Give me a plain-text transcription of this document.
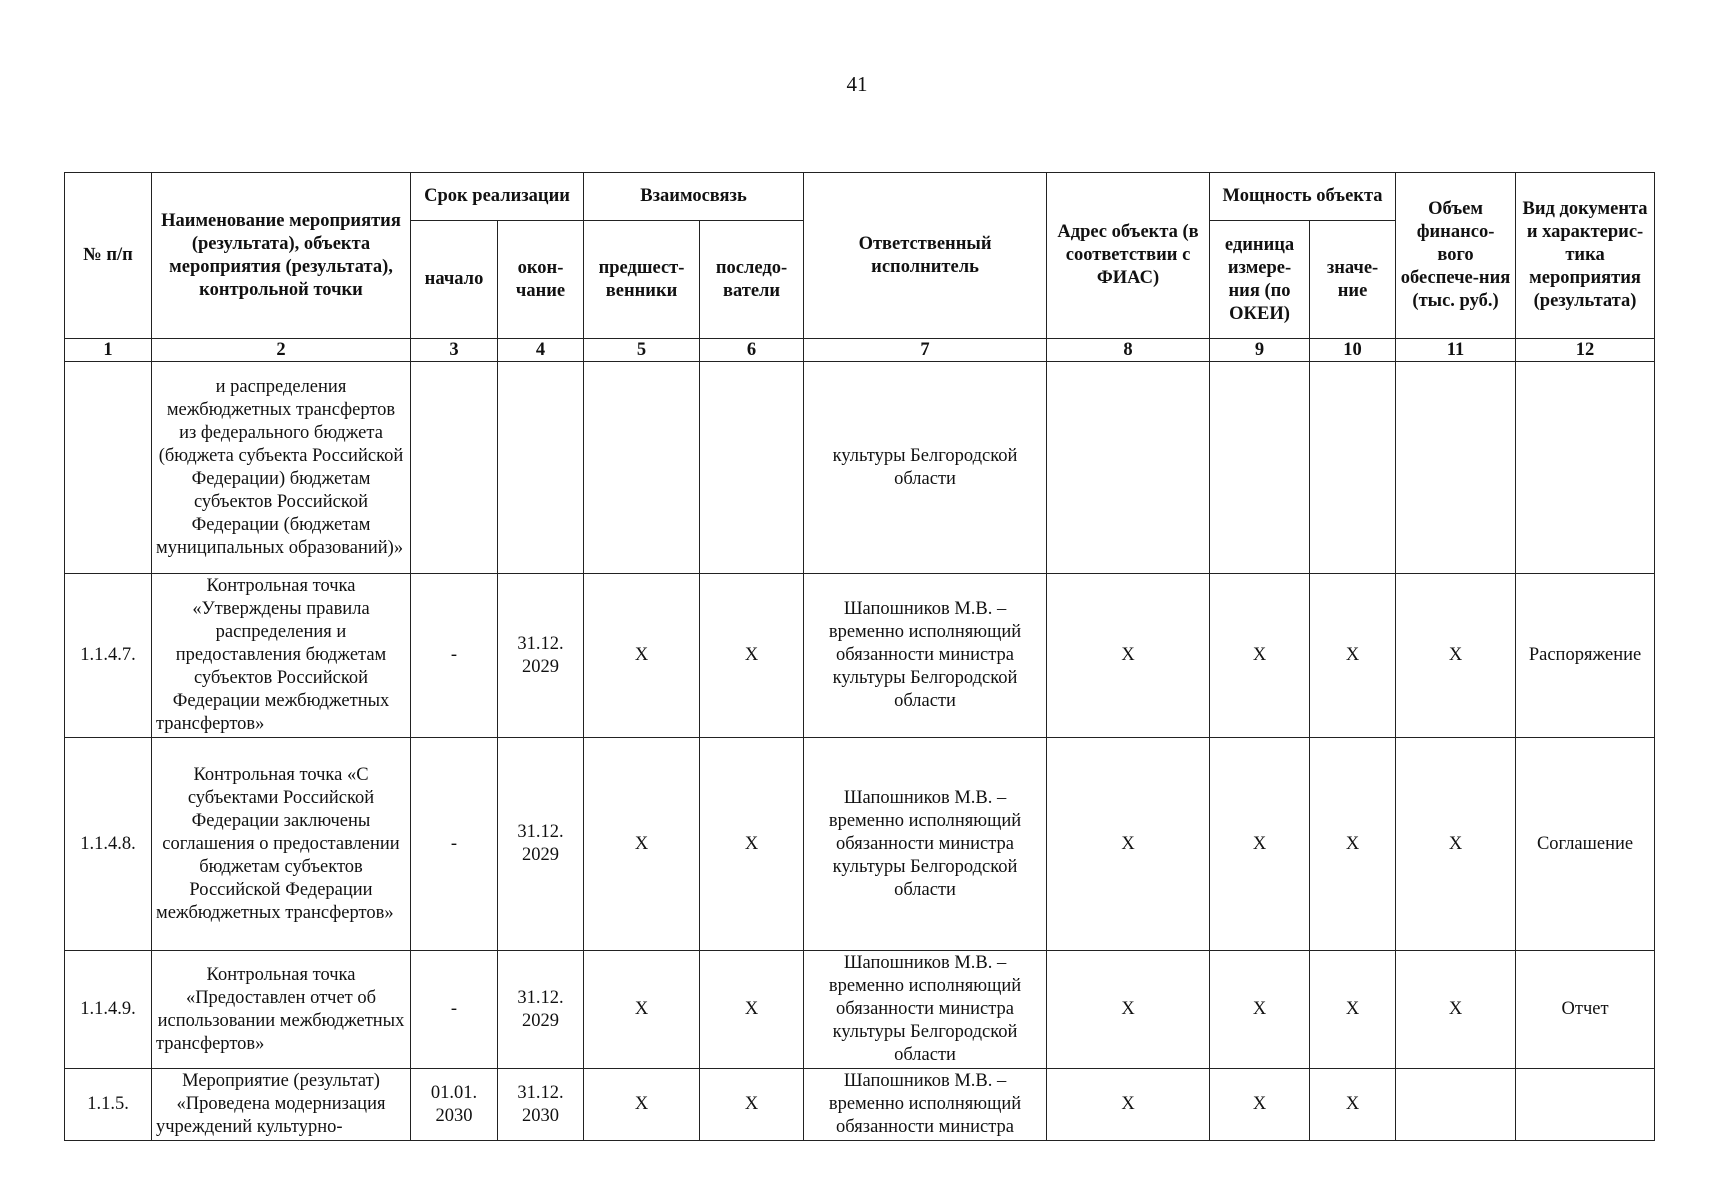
41
№ п/п	Наименование мероприятия (результата), объекта мероприятия (результата), контрольной точки	Срок реализации		Взаимосвязь		Ответственный исполнитель	Адрес объекта (в соответствии с ФИАС)	Мощность объекта		Объем финансо-вого обеспече-ния (тыс. руб.)	Вид документа и характерис-тика мероприятия (результата)
		начало	окон-чание	предшест-венники	последо-ватели			единица измере-ния (по ОКЕИ)	значе-ние		
1	2	3	4	5	6	7	8	9	10	11	12
	и распределения межбюджетных трансфертов из федерального бюджета (бюджета субъекта Российской Федерации) бюджетам субъектов Российской Федерации (бюджетам муниципальных образований)»					культуры Белгородской области					
1.1.4.7.	Контрольная точка «Утверждены правила распределения и предоставления бюджетам субъектов Российской Федерации межбюджетных трансфертов»	-	31.12. 2029	X	X	Шапошников М.В. – временно исполняющий обязанности министра культуры Белгородской области	X	X	X	X	Распоряжение
1.1.4.8.	Контрольная точка «С субъектами Российской Федерации заключены соглашения о предоставлении бюджетам субъектов Российской Федерации межбюджетных трансфертов»	-	31.12. 2029	X	X	Шапошников М.В. – временно исполняющий обязанности министра культуры Белгородской области	X	X	X	X	Соглашение
1.1.4.9.	Контрольная точка «Предоставлен отчет об использовании межбюджетных трансфертов»	-	31.12. 2029	X	X	Шапошников М.В. – временно исполняющий обязанности министра культуры Белгородской области	X	X	X	X	Отчет
1.1.5.	Мероприятие (результат) «Проведена модернизация учреждений культурно-	01.01. 2030	31.12. 2030	X	X	Шапошников М.В. – временно исполняющий обязанности министра	X	X	X		
